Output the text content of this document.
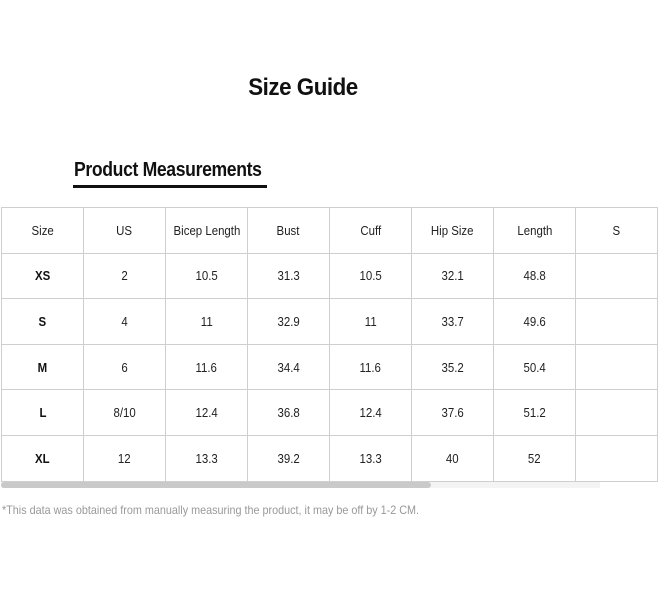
Size Guide
Product Measurements
Size	US	Bicep Length	Bust	Cuff	Hip Size	Length	S
XS	2	10.5	31.3	10.5	32.1	48.8	
S	4	11	32.9	11	33.7	49.6	
M	6	11.6	34.4	11.6	35.2	50.4	
L	8/10	12.4	36.8	12.4	37.6	51.2	
XL	12	13.3	39.2	13.3	40	52	
*This data was obtained from manually measuring the product, it may be off by 1-2 CM.
